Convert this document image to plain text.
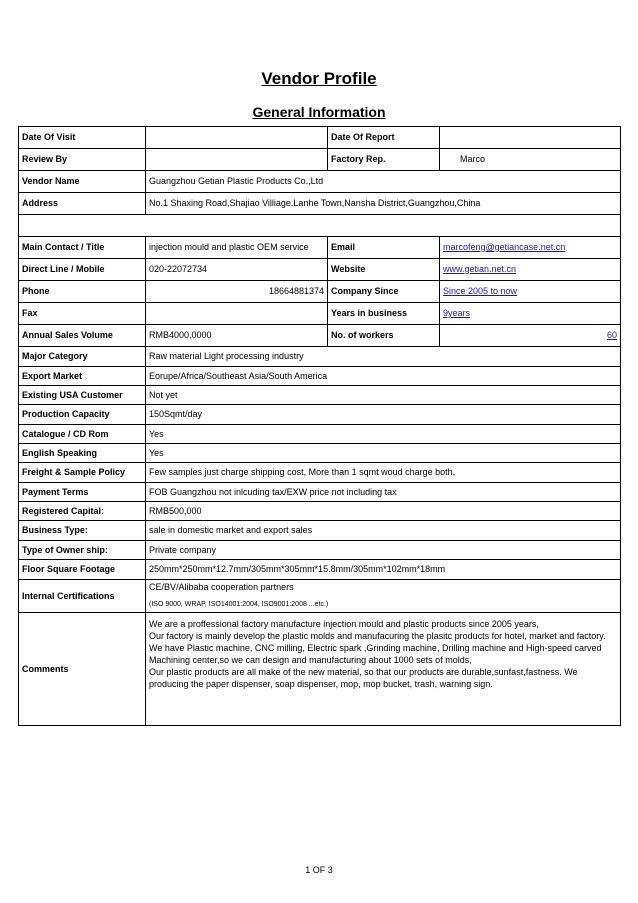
Vendor Profile
General Information
Date Of Visit		Date Of Report	
Review By		Factory Rep.	Marco
Vendor Name	Guangzhou Getian Plastic Products Co.,Ltd		
Address	No.1 Shaxing Road,Shajiao Villiage.Lanhe Town,Nansha District,Guangzhou,China		

Main Contact / Title	injection mould and plastic OEM service	Email	marcofeng@getiancase.net.cn
Direct Line / Mobile	020-22072734	Website	www.getian.net.cn
Phone	18664881374	Company Since	Since 2005 to now
Fax		Years in business	9years
Annual Sales Volume	RMB4000,0000	No. of workers	60
Major Category	Raw material Light processing industry		
Export Market	Eorupe/Africa/Southeast Asia/South America		
Existing USA Customer	Not yet		
Production Capacity	150Sqmt/day		
Catalogue / CD Rom	Yes		
English Speaking	Yes		
Freight & Sample Policy	Few samples just charge shipping cost, More than 1 sqmt woud charge both,		
Payment Terms	FOB Guangzhou not inlcuding tax/EXW price not including tax		
Registered Capital:	RMB500,000		
Business Type:	sale in domestic market and export sales		
Type of Owner ship:	Private company		
Floor Square Footage	250mm*250mm*12.7mm/305mm*305mm*15.8mm/305mm*102mm*18mm		
Internal Certifications	CE/BV/Alibaba cooperation partners
(ISO 9000, WRAP, ISO14001:2004, ISO9001:2008 ...etc.)		

Comments	We are a proffessional factory manufacture injection mould and plastic products since 2005 years,
Our factory is mainly develop the plastic molds and manufacuring the plasitc products for hotel, market and factory.
We have Plastic machine, CNC milling, Electric spark ,Grinding machine, Drilling machine and High-speed carved Machining center,so we can design and manufacturing about 1000 sets of molds,
Our plastic products are all make of the new material, so that our products are durable,sunfast,fastness. We producing the paper dispenser, soap dispenser, mop, mop bucket, trash, warning sign.		
1 OF 3
